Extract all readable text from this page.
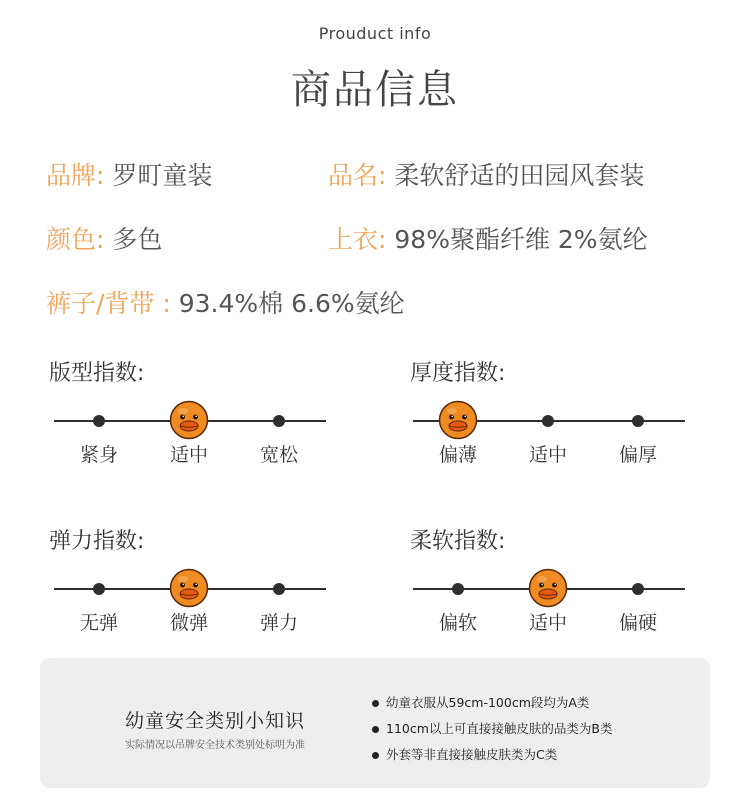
Prouduct info
商品信息
品牌: 罗町童装	品名: 柔软舒适的田园风套装
颜色: 多色	上衣: 98%聚酯纤维 2%氨纶
裤子/背带 : 93.4%棉 6.6%氨纶
版型指数:
紧身	适中	宽松
厚度指数:
偏薄	适中	偏厚
弹力指数:
无弹	微弹	弹力
柔软指数:
偏软	适中	偏硬
幼童安全类别小知识
实际情况以吊牌安全技术类别处标明为准
幼童衣服从59cm-100cm段均为A类
110cm以上可直接接触皮肤的品类为B类
外套等非直接接触皮肤类为C类
